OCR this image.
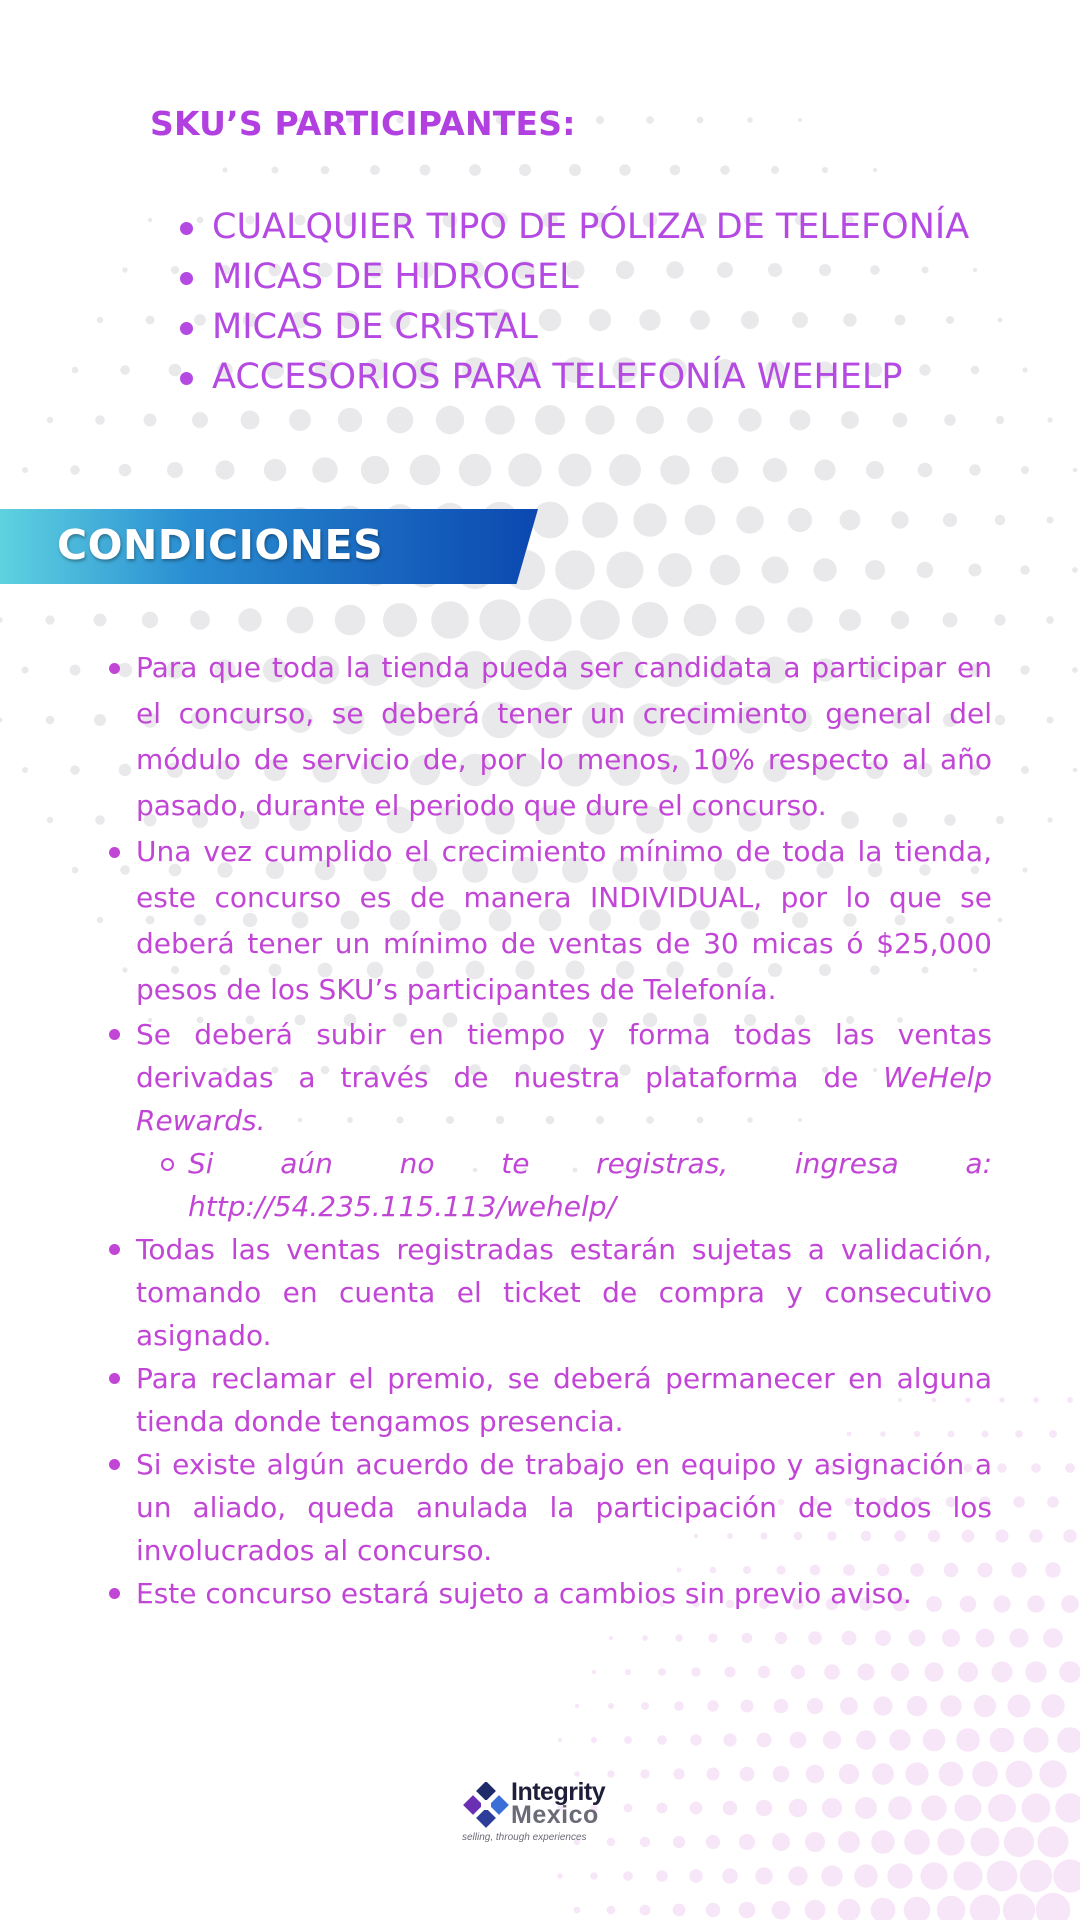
SKU’S PARTICIPANTES:
CUALQUIER TIPO DE PÓLIZA DE TELEFONÍA
MICAS DE HIDROGEL
MICAS DE CRISTAL
ACCESORIOS PARA TELEFONÍA WEHELP
CONDICIONES
Para que toda la tienda pueda ser candidata a participar en el concurso, se deberá tener un crecimiento general del módulo de servicio de, por lo menos, 10% respecto al año pasado, durante el periodo que dure el concurso.
Una vez cumplido el crecimiento mínimo de toda la tienda, este concurso es de manera INDIVIDUAL, por lo que se deberá tener un mínimo de ventas de 30 micas ó $25,000 pesos de los SKU’s participantes de Telefonía.
Se deberá subir en tiempo y forma todas las ventas derivadas a través de nuestra plataforma de WeHelp Rewards.
Si aún no te registras, ingresa a: http://54.235.115.113/wehelp/
Todas las ventas registradas estarán sujetas a validación, tomando en cuenta el ticket de compra y consecutivo asignado.
Para reclamar el premio, se deberá permanecer en alguna tienda donde tengamos presencia.
Si existe algún acuerdo de trabajo en equipo y asignación a un aliado, queda anulada la participación de todos los involucrados al concurso.
Este concurso estará sujeto a cambios sin previo aviso.
Integrity
Mexico
selling, through experiences
